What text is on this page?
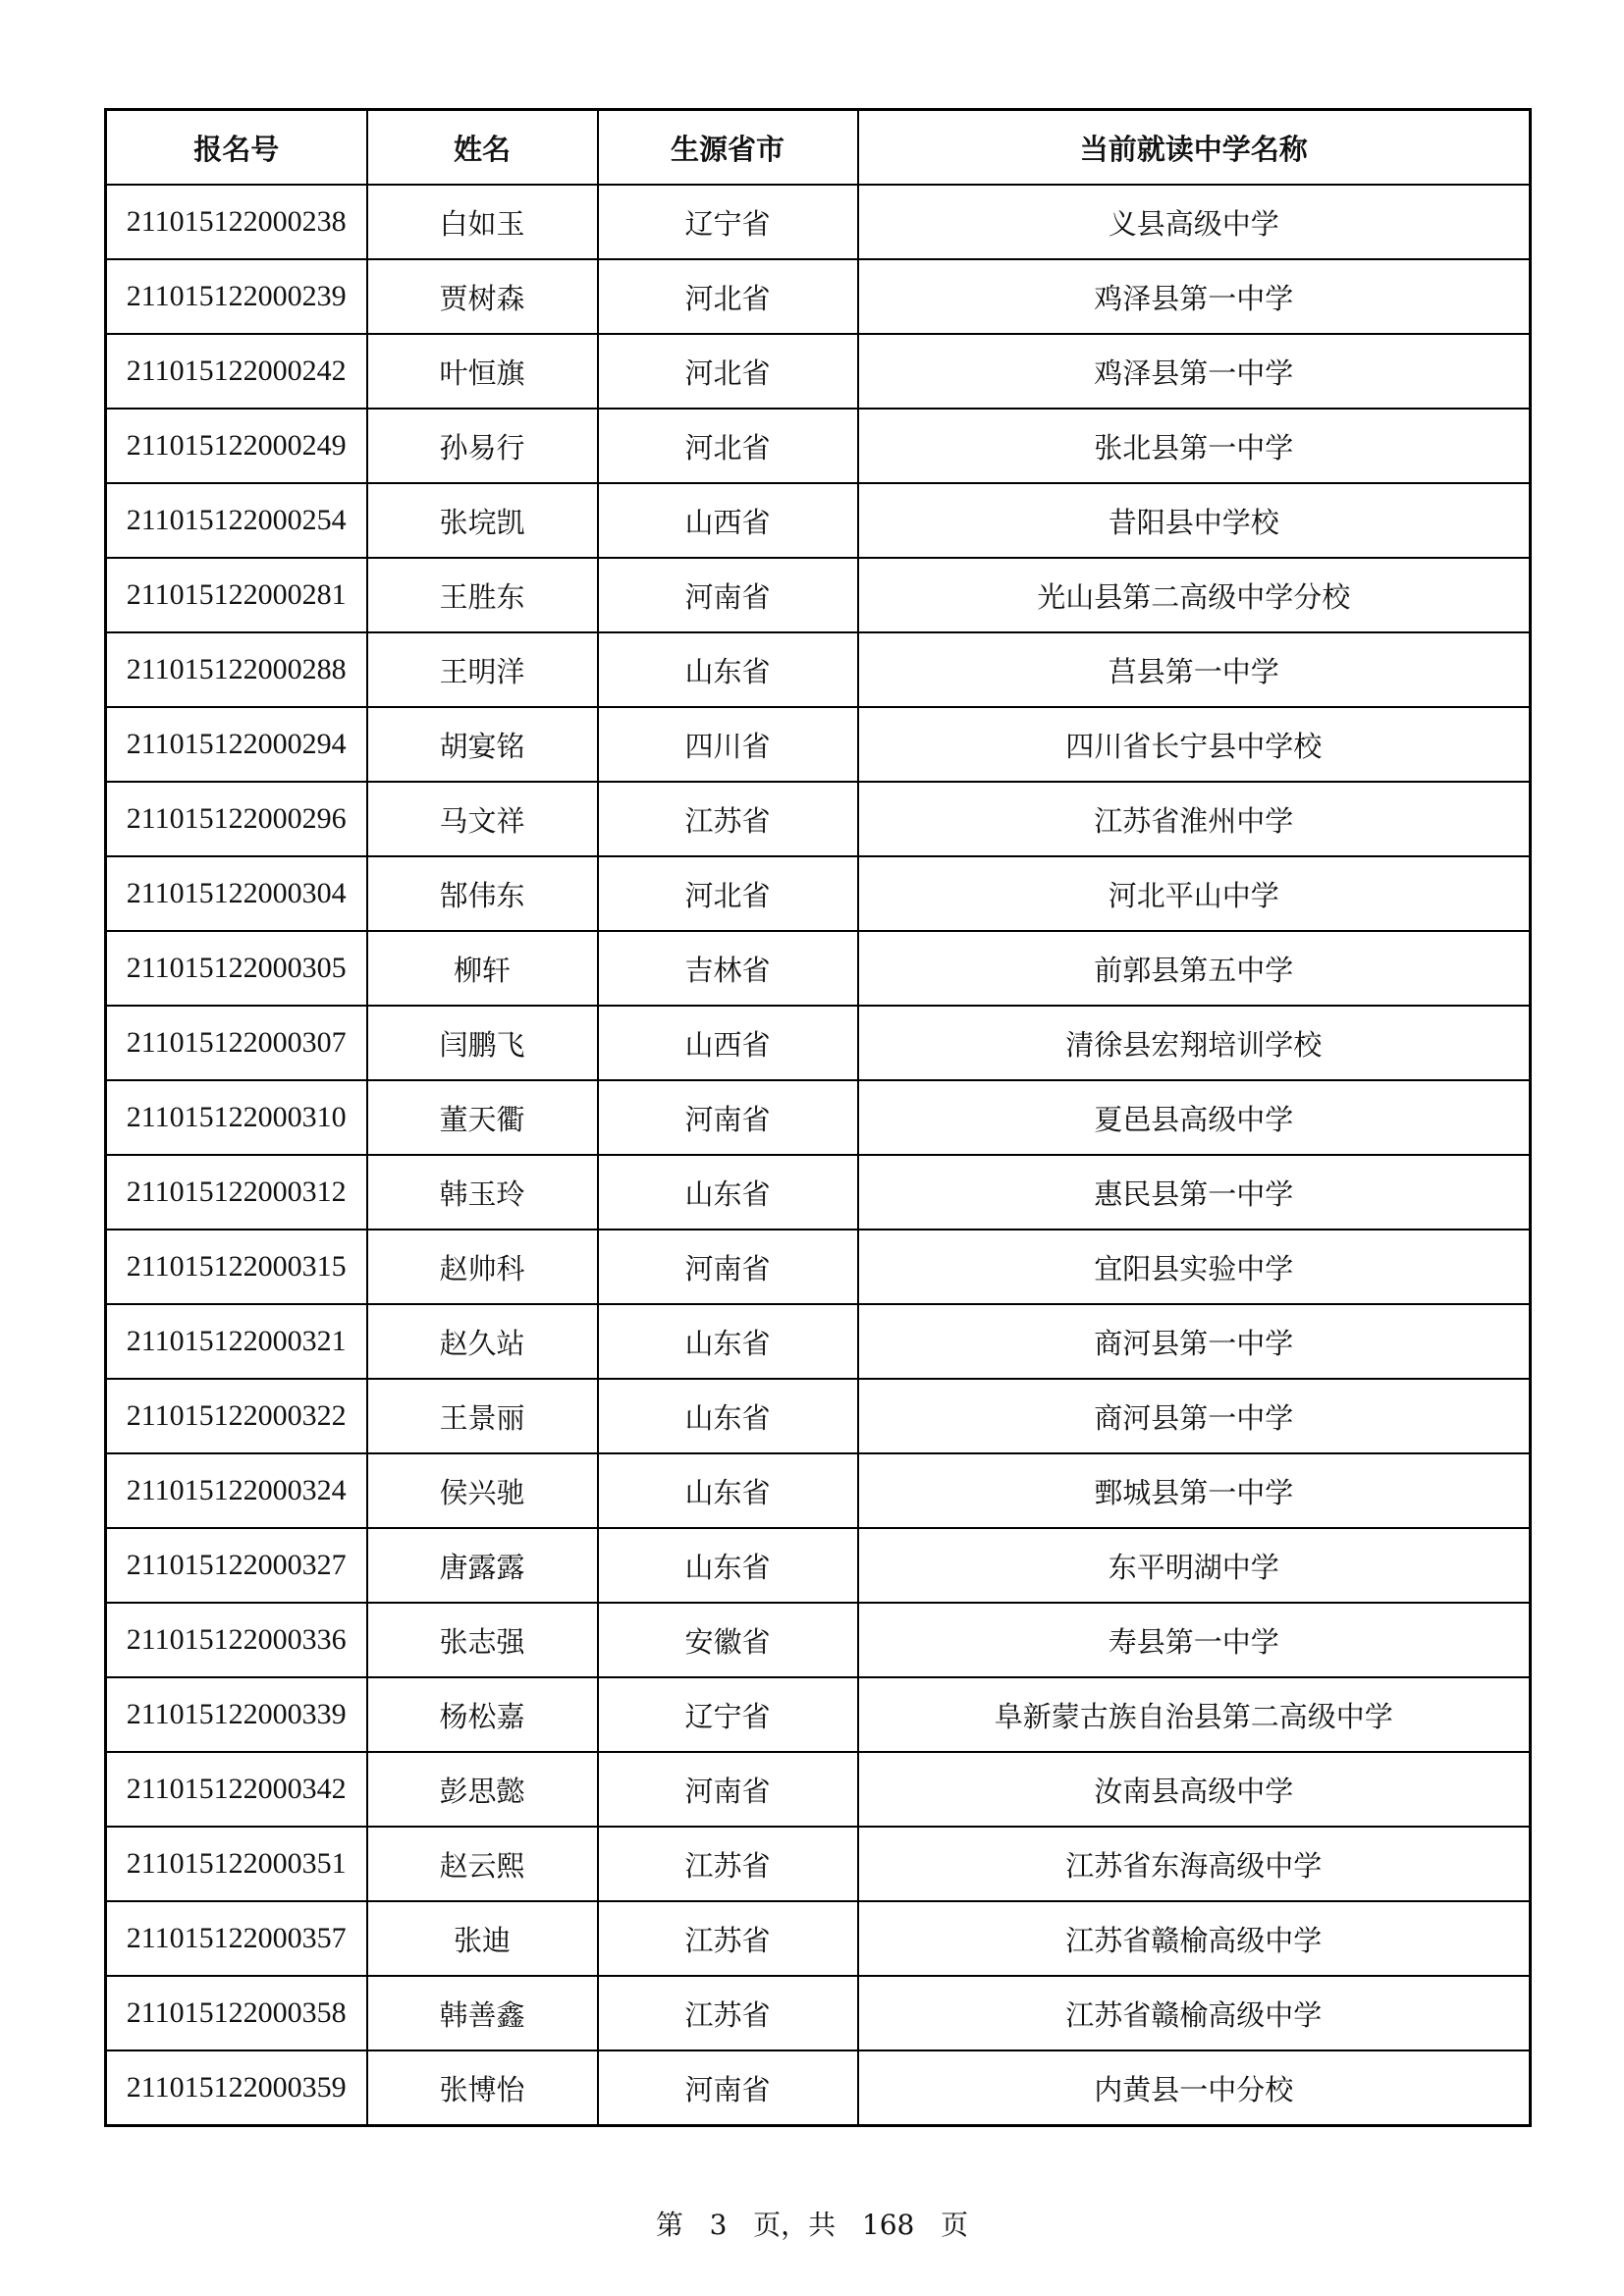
报名号	姓名	生源省市	当前就读中学名称
211015122000238	白如玉	辽宁省	义县高级中学
211015122000239	贾树森	河北省	鸡泽县第一中学
211015122000242	叶恒旗	河北省	鸡泽县第一中学
211015122000249	孙易行	河北省	张北县第一中学
211015122000254	张垸凯	山西省	昔阳县中学校
211015122000281	王胜东	河南省	光山县第二高级中学分校
211015122000288	王明洋	山东省	莒县第一中学
211015122000294	胡宴铭	四川省	四川省长宁县中学校
211015122000296	马文祥	江苏省	江苏省淮州中学
211015122000304	郜伟东	河北省	河北平山中学
211015122000305	柳轩	吉林省	前郭县第五中学
211015122000307	闫鹏飞	山西省	清徐县宏翔培训学校
211015122000310	董天衢	河南省	夏邑县高级中学
211015122000312	韩玉玲	山东省	惠民县第一中学
211015122000315	赵帅科	河南省	宜阳县实验中学
211015122000321	赵久站	山东省	商河县第一中学
211015122000322	王景丽	山东省	商河县第一中学
211015122000324	侯兴驰	山东省	鄄城县第一中学
211015122000327	唐露露	山东省	东平明湖中学
211015122000336	张志强	安徽省	寿县第一中学
211015122000339	杨松嘉	辽宁省	阜新蒙古族自治县第二高级中学
211015122000342	彭思懿	河南省	汝南县高级中学
211015122000351	赵云熙	江苏省	江苏省东海高级中学
211015122000357	张迪	江苏省	江苏省赣榆高级中学
211015122000358	韩善鑫	江苏省	江苏省赣榆高级中学
211015122000359	张博怡	河南省	内黄县一中分校
第 3 页，共 168 页
